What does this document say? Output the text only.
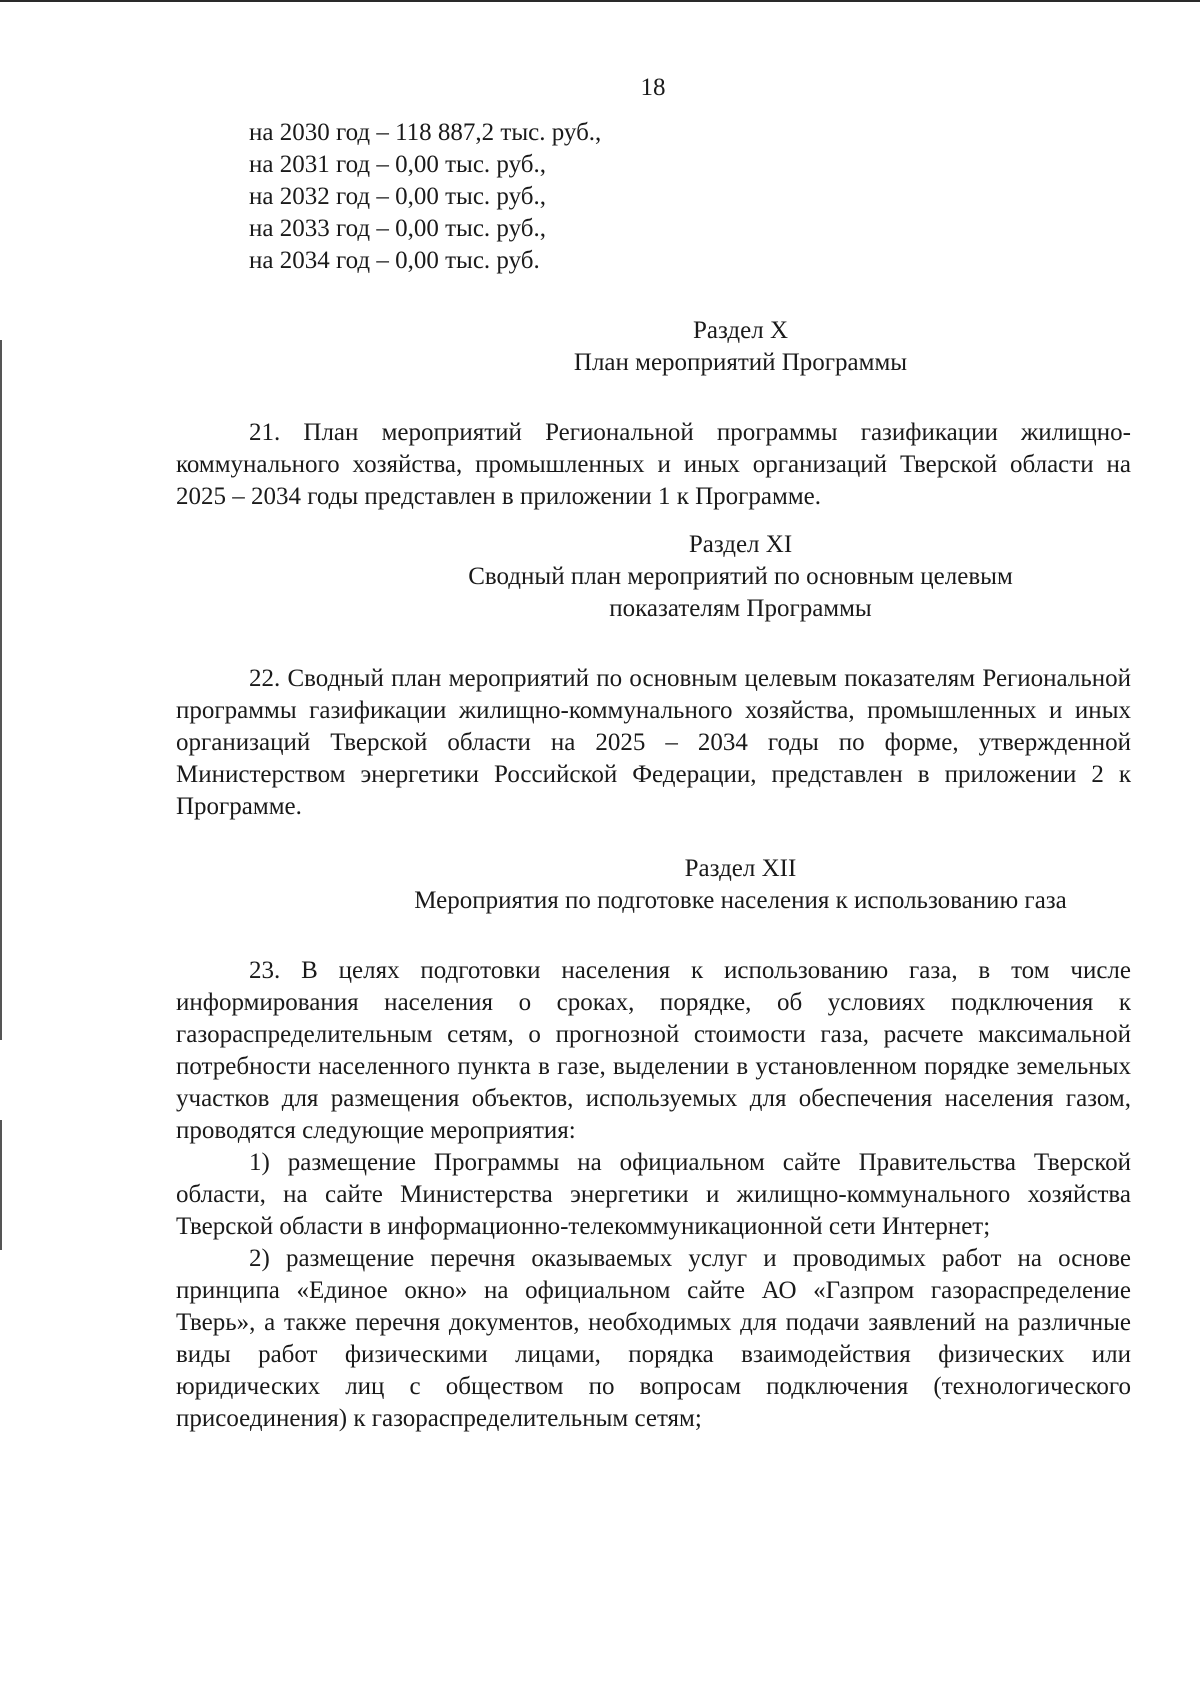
18
на 2030 год – 118 887,2 тыс. руб.,
на 2031 год – 0,00 тыс. руб.,
на 2032 год – 0,00 тыс. руб.,
на 2033 год – 0,00 тыс. руб.,
на 2034 год – 0,00 тыс. руб.
Раздел X
План мероприятий Программы

21. План мероприятий Региональной программы газификации жилищно-коммунального хозяйства, промышленных и иных организаций Тверской области на 2025 – 2034 годы представлен в приложении 1 к Программе.

Раздел XI
Сводный план мероприятий по основным целевым
показателям Программы

22. Сводный план мероприятий по основным целевым показателям Региональной программы газификации жилищно-коммунального хозяйства, промышленных и иных организаций Тверской области на 2025 – 2034 годы по форме, утвержденной Министерством энергетики Российской Федерации, представлен в приложении 2 к Программе.

Раздел XII
Мероприятия по подготовке населения к использованию газа

23. В целях подготовки населения к использованию газа, в том числе информирования населения о сроках, порядке, об условиях подключения к газораспределительным сетям, о прогнозной стоимости газа, расчете максимальной потребности населенного пункта в газе, выделении в установленном порядке земельных участков для размещения объектов, используемых для обеспечения населения газом, проводятся следующие мероприятия:

1) размещение Программы на официальном сайте Правительства Тверской области, на сайте Министерства энергетики и жилищно-коммунального хозяйства Тверской области в информационно-телекоммуникационной сети Интернет;

2) размещение перечня оказываемых услуг и проводимых работ на основе принципа «Единое окно» на официальном сайте АО «Газпром газораспределение Тверь», а также перечня документов, необходимых для подачи заявлений на различные виды работ физическими лицами, порядка взаимодействия физических или юридических лиц с обществом по вопросам подключения (технологического присоединения) к газораспределительным сетям;
